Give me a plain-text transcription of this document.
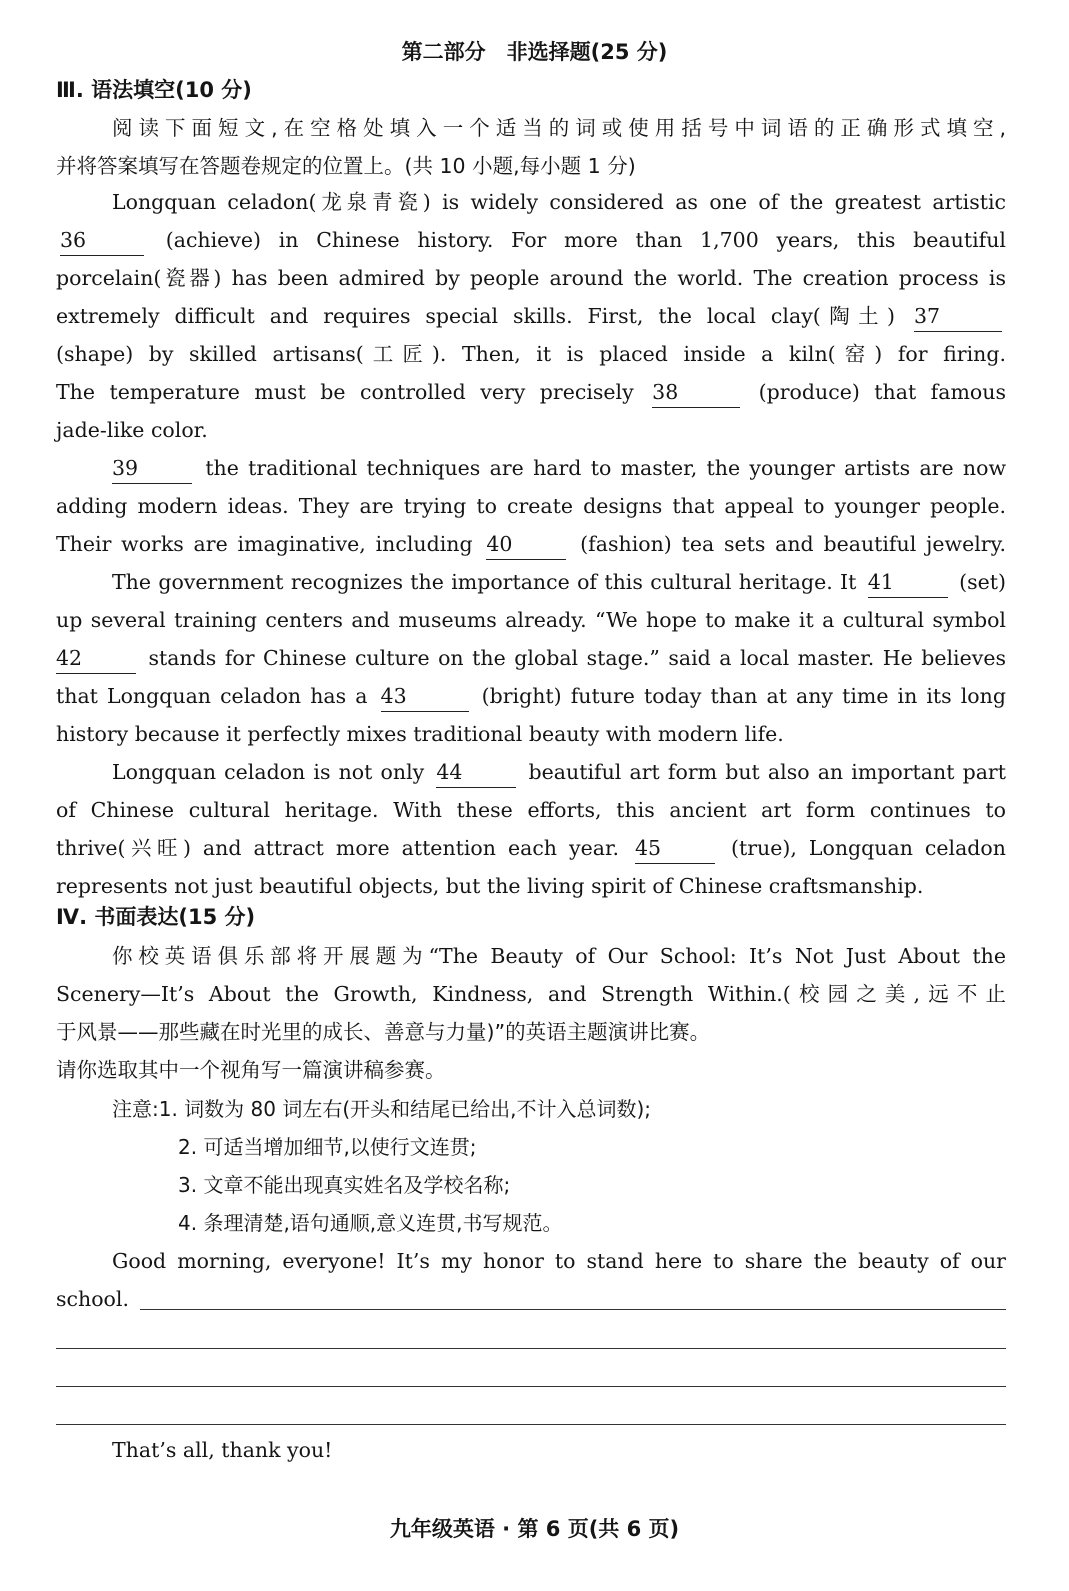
第二部分　非选择题(25 分)
Ⅲ. 语法填空(10 分)
阅读下面短文,在空格处填入一个适当的词或使用括号中词语的正确形式填空,
并将答案填写在答题卷规定的位置上。(共 10 小题,每小题 1 分)
Longquan celadon(龙泉青瓷) is widely considered as one of the greatest artistic
36	(achieve) in Chinese history. For more than 1,700 years, this beautiful
porcelain(瓷器) has been admired by people around the world. The creation process is
extremely difficult and requires special skills. First, the local clay(陶土) 37
(shape) by skilled artisans(工匠). Then, it is placed inside a kiln(窑) for firing.
The temperature must be controlled very precisely 38	(produce) that famous
jade-like color.
39	the traditional techniques are hard to master, the younger artists are now
adding modern ideas. They are trying to create designs that appeal to younger people.
Their works are imaginative, including 40	(fashion) tea sets and beautiful jewelry.
The government recognizes the importance of this cultural heritage. It 41	(set)
up several training centers and museums already. “We hope to make it a cultural symbol
42	stands for Chinese culture on the global stage.” said a local master. He believes
that Longquan celadon has a 43	(bright) future today than at any time in its long
history because it perfectly mixes traditional beauty with modern life.
Longquan celadon is not only 44	beautiful art form but also an important part
of Chinese cultural heritage. With these efforts, this ancient art form continues to
thrive(兴旺) and attract more attention each year. 45	(true), Longquan celadon
represents not just beautiful objects, but the living spirit of Chinese craftsmanship.
Ⅳ. 书面表达(15 分)
你校英语俱乐部将开展题为“The Beauty of Our School: It’s Not Just About the
Scenery—It’s About the Growth, Kindness, and Strength Within.(校园之美,远不止
于风景——那些藏在时光里的成长、善意与力量)”的英语主题演讲比赛。
请你选取其中一个视角写一篇演讲稿参赛。
注意:1. 词数为 80 词左右(开头和结尾已给出,不计入总词数);
2. 可适当增加细节,以使行文连贯;
3. 文章不能出现真实姓名及学校名称;
4. 条理清楚,语句通顺,意义连贯,书写规范。
Good morning, everyone! It’s my honor to stand here to share the beauty of our
school.
That’s all, thank you!
九年级英语 · 第 6 页(共 6 页)
